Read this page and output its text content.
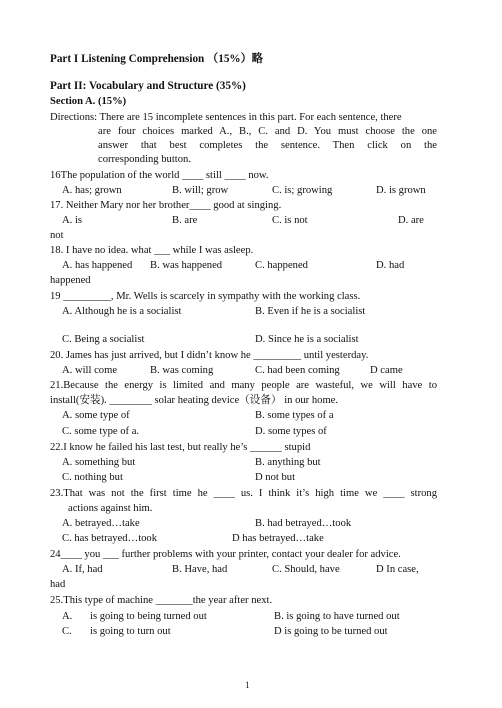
Part I Listening Comprehension （15%）略
Part II: Vocabulary and Structure (35%)
Section A. (15%)
Directions: There are 15 incomplete sentences in this part. For each sentence, there
are four choices marked A., B., C. and D. You must choose the one
answer that best completes the sentence. Then click on the
corresponding button.
16The population of the world ____ still ____ now.
A. has; grown	B. will; grow	C. is; growing	D. is grown
17. Neither Mary nor her brother____ good at singing.
A. is	B. are	C. is not	D. are
not
18. I have no idea. what ___ while I was asleep.
A. has happened B. was happened	C. happened	D. had
happened
19 _________, Mr. Wells is scarcely in sympathy with the working class.
A. Although he is a socialist	B. Even if he is a socialist
C. Being a socialist	D. Since he is a socialist
20. James has just arrived, but I didn’t know he _________ until yesterday.
A. will come	B. was coming	C. had been coming	D came
21.Because the energy is limited and many people are wasteful, we will have to
install(安装). ________ solar heating device（设备） in our home.
A. some type of	B. some types of a
C. some type of a.	D. some types of
22.I know he failed his last test, but really he’s ______ stupid
A. something but	B. anything but
C. nothing but	D not but
23.That was not the first time he ____ us. I think it’s high time we ____ strong
actions against him.
A. betrayed…take	B. had betrayed…took
C. has betrayed…took	D has betrayed…take
24____ you ___ further problems with your printer, contact your dealer for advice.
A. If, had	B. Have, had	C. Should, have	D In case,
had
25.This type of machine _______the year after next.
A. is going to being turned out	B. is going to have turned out
C. is going to turn out	D is going to be turned out
1
